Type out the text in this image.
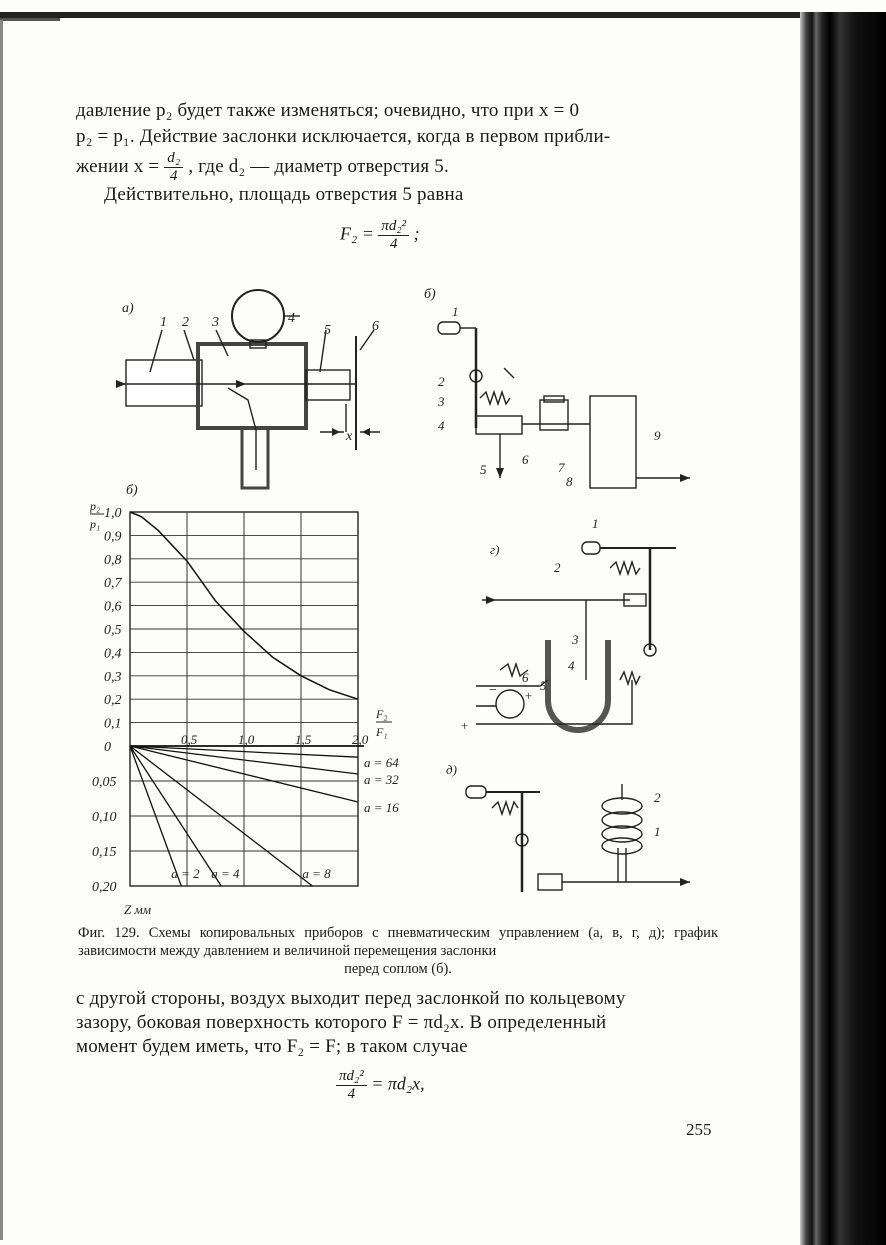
давление p₂ будет также изменяться; очевидно, что при x = 0
p₂ = p₁. Действие заслонки исключается, когда в первом прибли-
жении $x = \frac{\text{d₂}}{4}$ , где d₂ — диаметр отверстия 5.
Действительно, площадь отверстия 5 равна
$F_2 = \frac{\text{πd₂²}}{4}$ ;
а)
1 2 3	4
5	6
x
б)
1
2
3
4
5
6
7
8
9
г)
1
2
3
4
5
6
− +
+
д)
2
1
б)
p₂
p₁
F₂
F₁
Z мм
1,0
0,9
0,8
0,7
0,6
0,5
0,4
0,3
0,2
0,1
0
0,5	1,0	1,5	2,0
0,05
0,10
0,15
0,20
a = 64
a = 32
a = 16
a = 8
a = 4
a = 2
Фиг. 129. Схемы копировальных приборов с пневматическим управлением (а, в, г, д); график зависимости между давлением и величиной перемещения заслонки
перед соплом (б).
с другой стороны, воздух выходит перед заслонкой по кольцевому
зазору, боковая поверхность которого F = πd₂x. В определенный
момент будем иметь, что F₂ = F; в таком случае
$\frac{\text{πd₂²}}{4} = \pi d_2x$,
255
